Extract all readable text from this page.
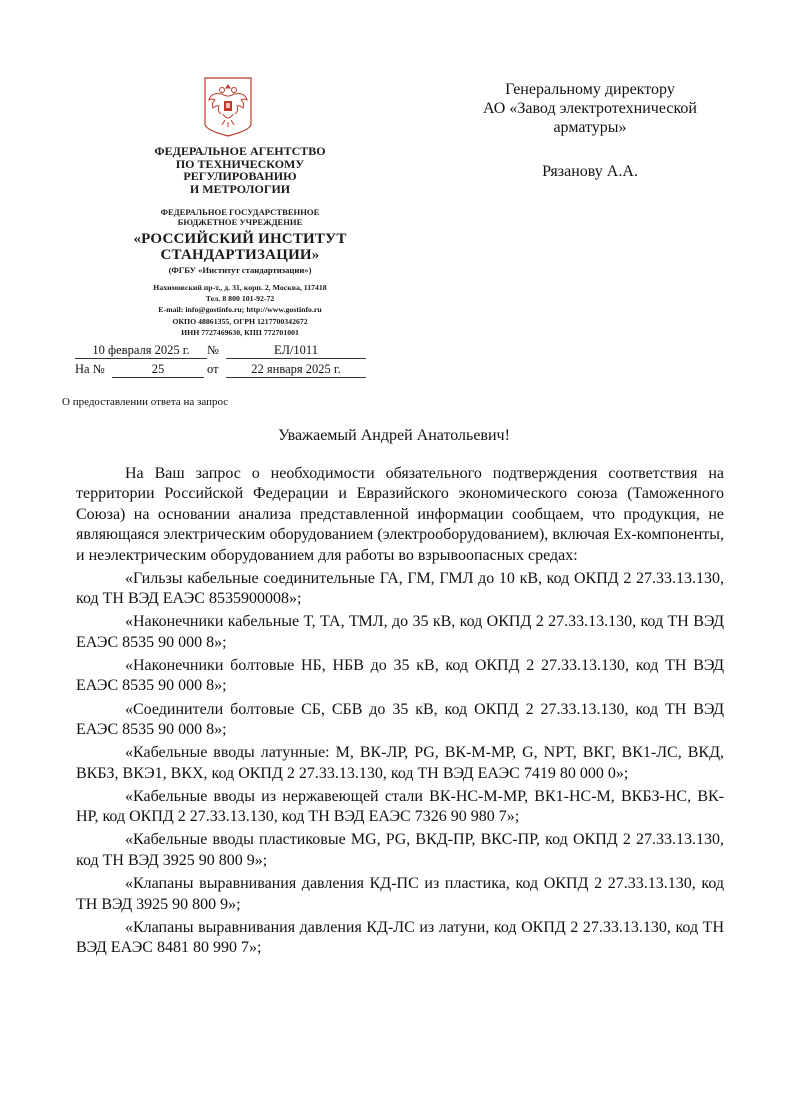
ФЕДЕРАЛЬНОЕ АГЕНТСТВО
ПО ТЕХНИЧЕСКОМУ
РЕГУЛИРОВАНИЮ
И МЕТРОЛОГИИ
ФЕДЕРАЛЬНОЕ ГОСУДАРСТВЕННОЕ
БЮДЖЕТНОЕ УЧРЕЖДЕНИЕ
«РОССИЙСКИЙ ИНСТИТУТ
СТАНДАРТИЗАЦИИ»
(ФГБУ «Институт стандартизации»)
Нахимовский пр-т., д. 31, корп. 2, Москва, 117418
Тел. 8 800 101-92-72
E-mail: info@gostinfo.ru; http://www.gostinfo.ru
ОКПО 48861355, ОГРН 1217700342672
ИНН 7727469630, КПП 772701001
10 февраля 2025 г.	№	ЕЛ/1011
На №	25	от	22 января 2025 г.
Генеральному директору
АО «Завод электротехнической
арматуры»
Рязанову А.А.
О предоставлении ответа на запрос
Уважаемый Андрей Анатольевич!

На Ваш запрос о необходимости обязательного подтверждения соответствия на территории Российской Федерации и Евразийского экономического союза (Таможенного Союза) на основании анализа представленной информации сообщаем, что продукция, не являющаяся электрическим оборудованием (электрооборудованием), включая Ex-компоненты, и неэлектрическим оборудованием для работы во взрывоопасных средах:

«Гильзы кабельные соединительные ГА, ГМ, ГМЛ до 10 кВ, код ОКПД 2 27.33.13.130, код ТН ВЭД ЕАЭС 8535900008»;

«Наконечники кабельные Т, ТА, ТМЛ, до 35 кВ, код ОКПД 2 27.33.13.130, код ТН ВЭД ЕАЭС 8535 90 000 8»;

«Наконечники болтовые НБ, НБВ до 35 кВ, код ОКПД 2 27.33.13.130, код ТН ВЭД ЕАЭС 8535 90 000 8»;

«Соединители болтовые СБ, СБВ до 35 кВ, код ОКПД 2 27.33.13.130, код ТН ВЭД ЕАЭС 8535 90 000 8»;

«Кабельные вводы латунные: M, ВК-ЛР, PG, ВК-М-МР, G, NPT, ВКГ, ВК1-ЛС, ВКД, ВКБЗ, ВКЭ1, ВКХ, код ОКПД 2 27.33.13.130, код ТН ВЭД ЕАЭС 7419 80 000 0»;

«Кабельные вводы из нержавеющей стали ВК-НС-М-МР, ВК1-НС-М, ВКБЗ-НС, ВК-НР, код ОКПД 2 27.33.13.130, код ТН ВЭД ЕАЭС 7326 90 980 7»;

«Кабельные вводы пластиковые MG, PG, ВКД-ПР, ВКС-ПР, код ОКПД 2 27.33.13.130, код ТН ВЭД 3925 90 800 9»;

«Клапаны выравнивания давления КД-ПС из пластика, код ОКПД 2 27.33.13.130, код ТН ВЭД 3925 90 800 9»;

«Клапаны выравнивания давления КД-ЛС из латуни, код ОКПД 2 27.33.13.130, код ТН ВЭД ЕАЭС 8481 80 990 7»;
